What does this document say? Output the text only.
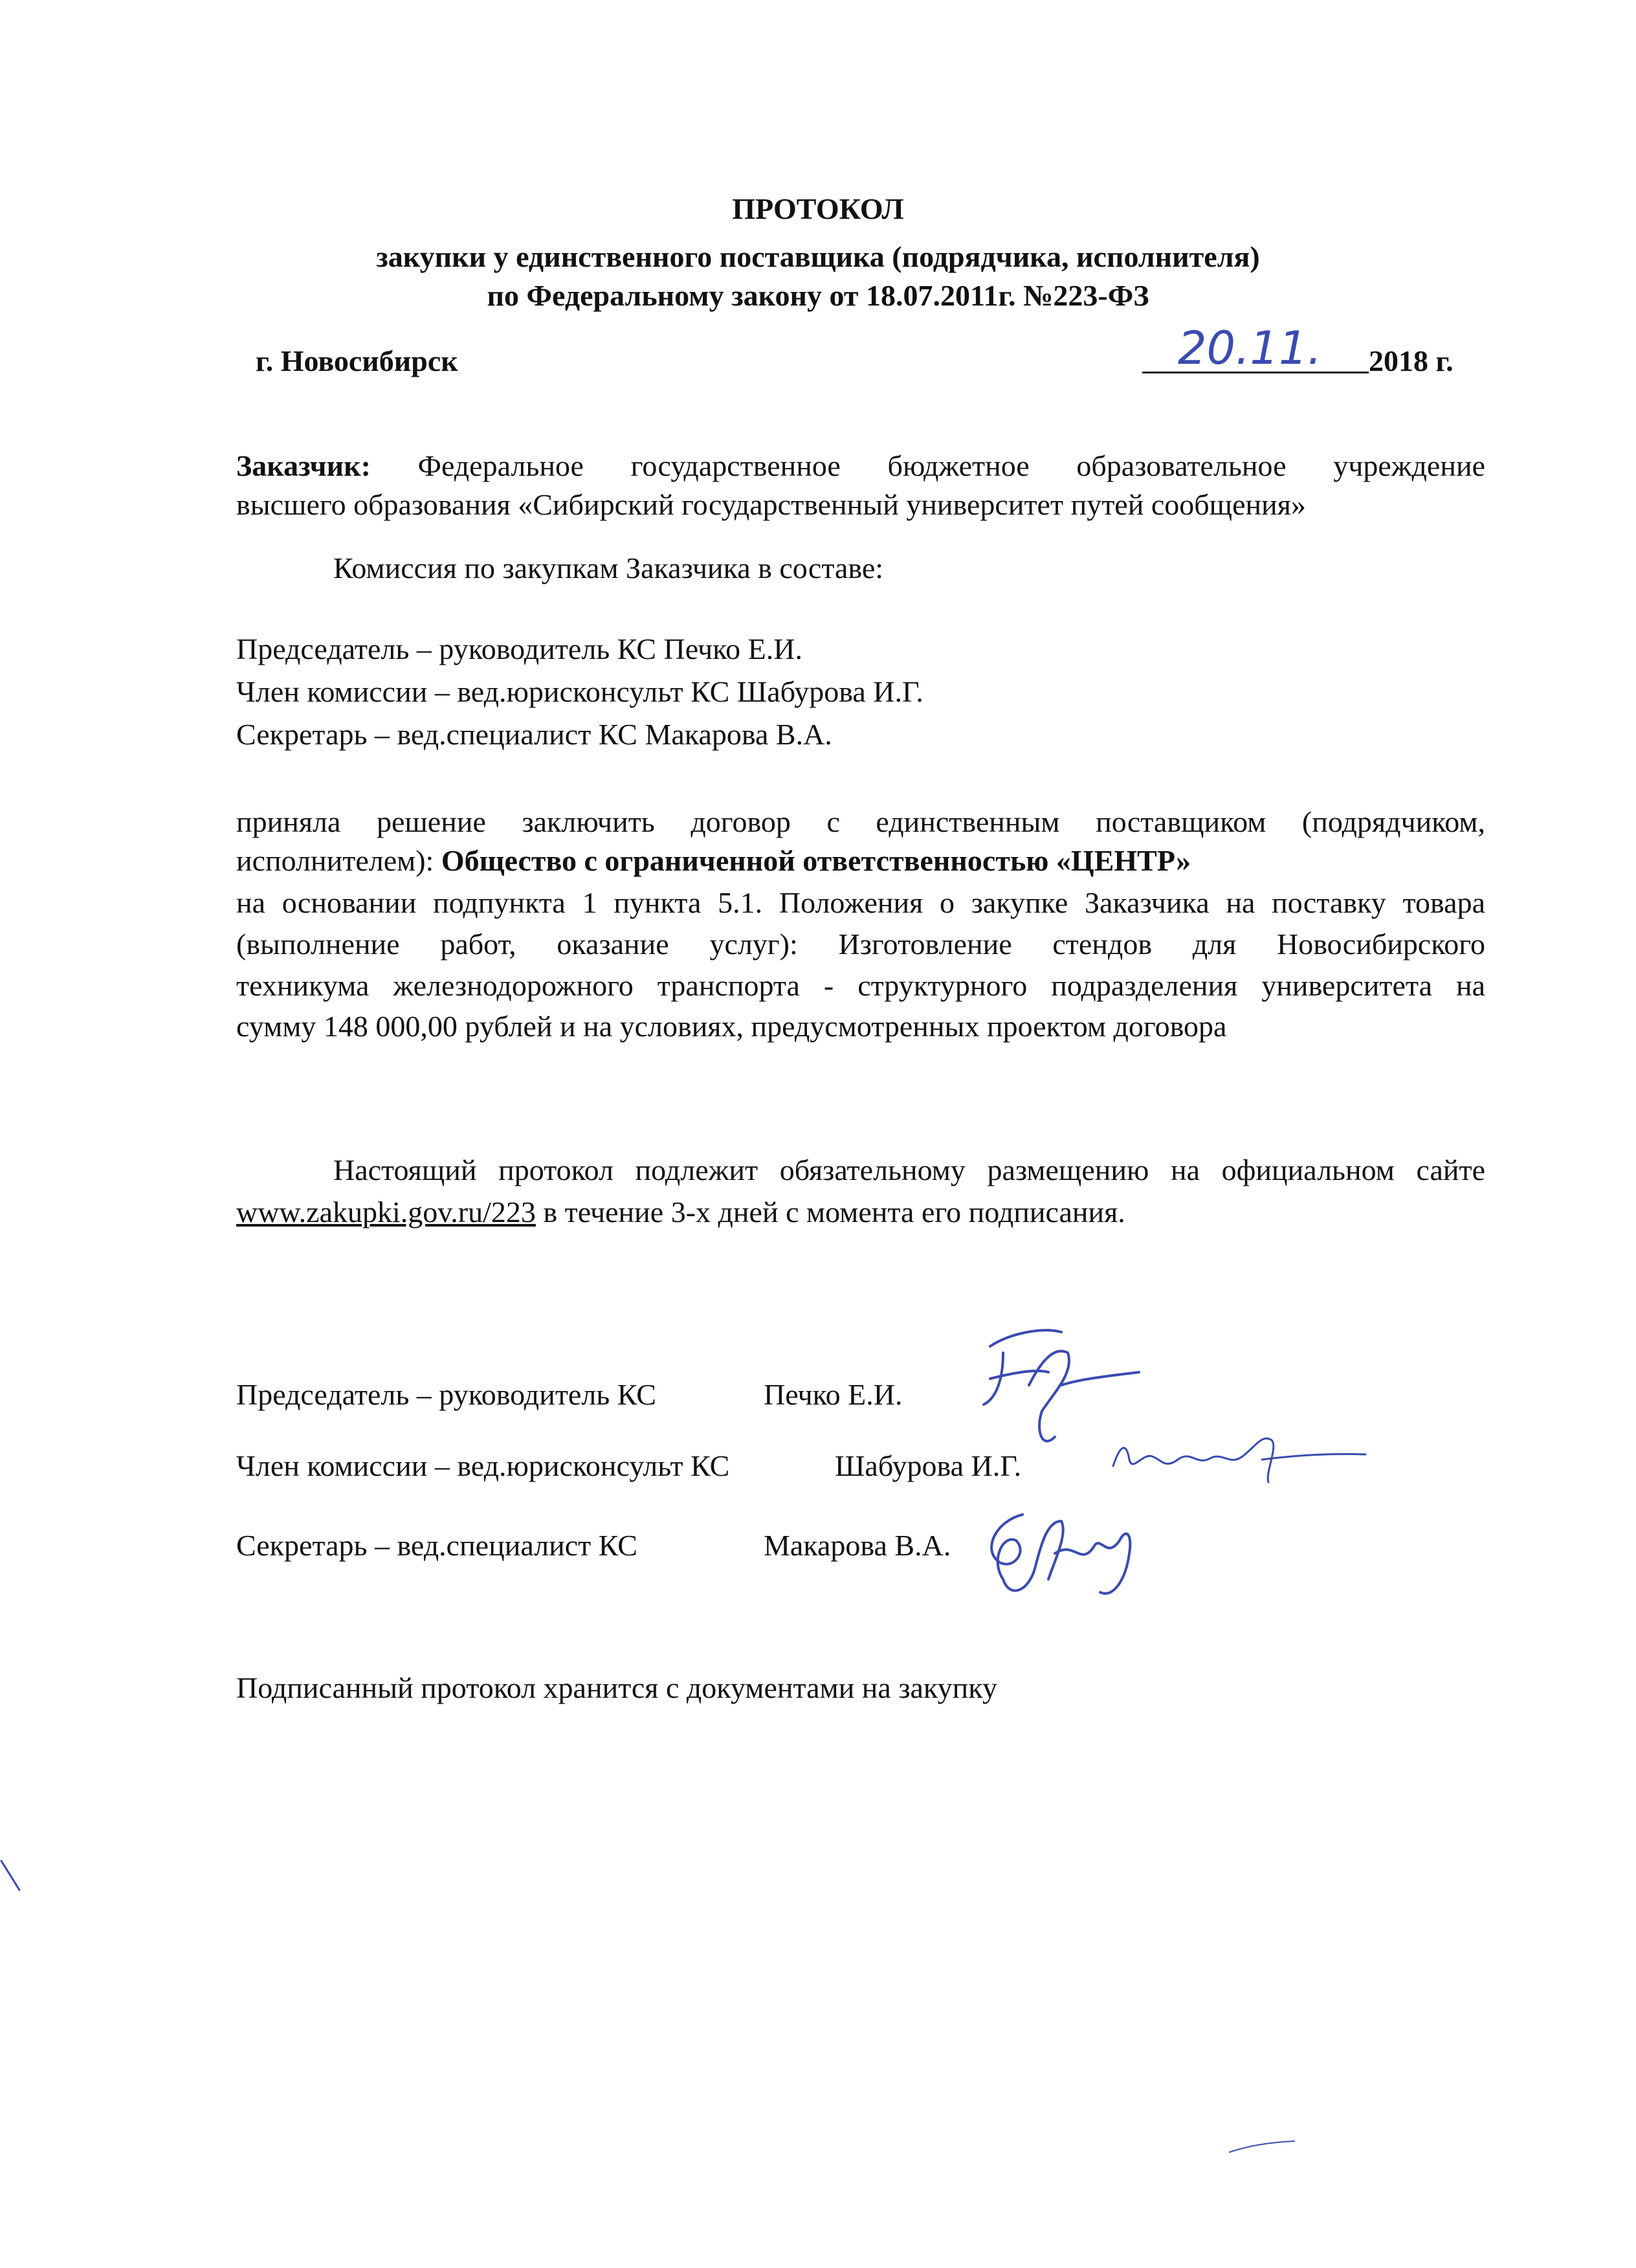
ПРОТОКОЛ
закупки у единственного поставщика (подрядчика, исполнителя)
по Федеральному закону от 18.07.2011г. №223-ФЗ
г. Новосибирск	20.11. 2018 г.
Заказчик: Федеральное государственное бюджетное образовательное учреждение
высшего образования «Сибирский государственный университет путей сообщения»
Комиссия по закупкам Заказчика в составе:
Председатель – руководитель КС Печко Е.И.
Член комиссии – вед.юрисконсульт КС Шабурова И.Г.
Секретарь – вед.специалист КС Макарова В.А.
приняла решение заключить договор с единственным поставщиком (подрядчиком,
исполнителем): Общество с ограниченной ответственностью «ЦЕНТР»
на основании подпункта 1 пункта 5.1. Положения о закупке Заказчика на поставку товара
(выполнение работ, оказание услуг): Изготовление стендов для Новосибирского
техникума железнодорожного транспорта - структурного подразделения университета на
сумму 148 000,00 рублей и на условиях, предусмотренных проектом договора
Настоящий протокол подлежит обязательному размещению на официальном сайте
www.zakupki.gov.ru/223 в течение 3-х дней с момента его подписания.
Председатель – руководитель КС	Печко Е.И.
Член комиссии – вед.юрисконсульт КС	Шабурова И.Г.
Секретарь – вед.специалист КС	Макарова В.А.
Подписанный протокол хранится с документами на закупку
